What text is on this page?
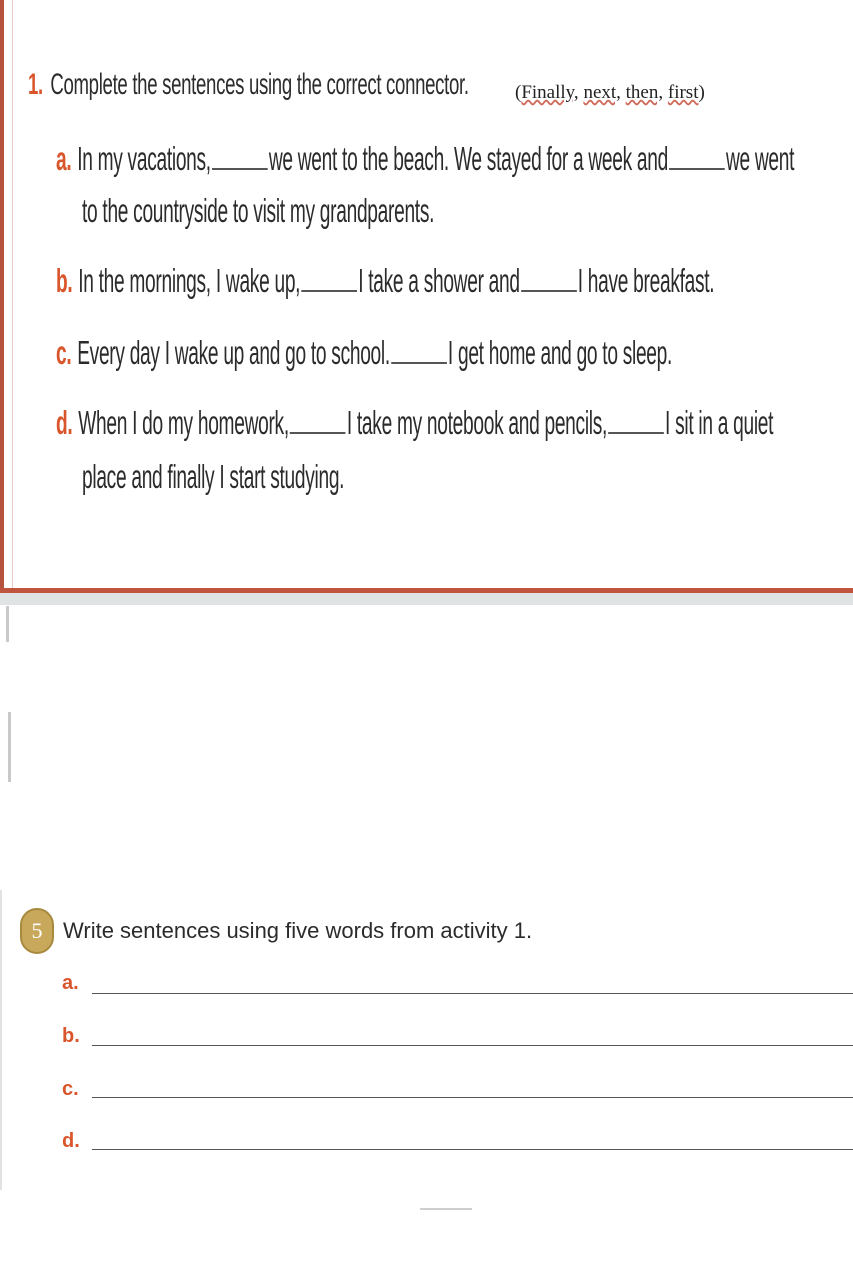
1. Complete the sentences using the correct connector. (Finally, next, then, first)
a. In my vacations, we went to the beach. We stayed for a week and we went
to the countryside to visit my grandparents.
b. In the mornings, I wake up, I take a shower and I have breakfast.
c. Every day I wake up and go to school. I get home and go to sleep.
d. When I do my homework, I take my notebook and pencils, I sit in a quiet
place and finally I start studying.
5 Write sentences using five words from activity 1.
a.
b.
c.
d.
